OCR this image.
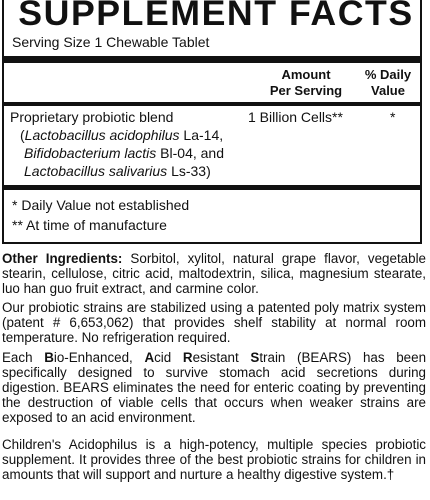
SUPPLEMENT FACTS
Serving Size 1 Chewable Tablet
Amount
Per Serving
% Daily
Value
Proprietary probiotic blend
(Lactobacillus acidophilus La-14,
Bifidobacterium lactis Bl-04, and
Lactobacillus salivarius Ls-33)
1 Billion Cells**	*
* Daily Value not established
** At time of manufacture

Other Ingredients: Sorbitol, xylitol, natural grape flavor, vegetable stearin, cellulose, citric acid, maltodextrin, silica, magnesium stearate, luo han guo fruit extract, and carmine color.

Our probiotic strains are stabilized using a patented poly matrix system (patent # 6,653,062) that provides shelf stability at normal room temperature. No refrigeration required.

Each Bio-Enhanced, Acid Resistant Strain (BEARS) has been specifically designed to survive stomach acid secretions during digestion. BEARS eliminates the need for enteric coating by preventing the destruction of viable cells that occurs when weaker strains are exposed to an acid environment.

Children's Acidophilus is a high-potency, multiple species probiotic supplement. It provides three of the best probiotic strains for children in amounts that will support and nurture a healthy digestive system.†
